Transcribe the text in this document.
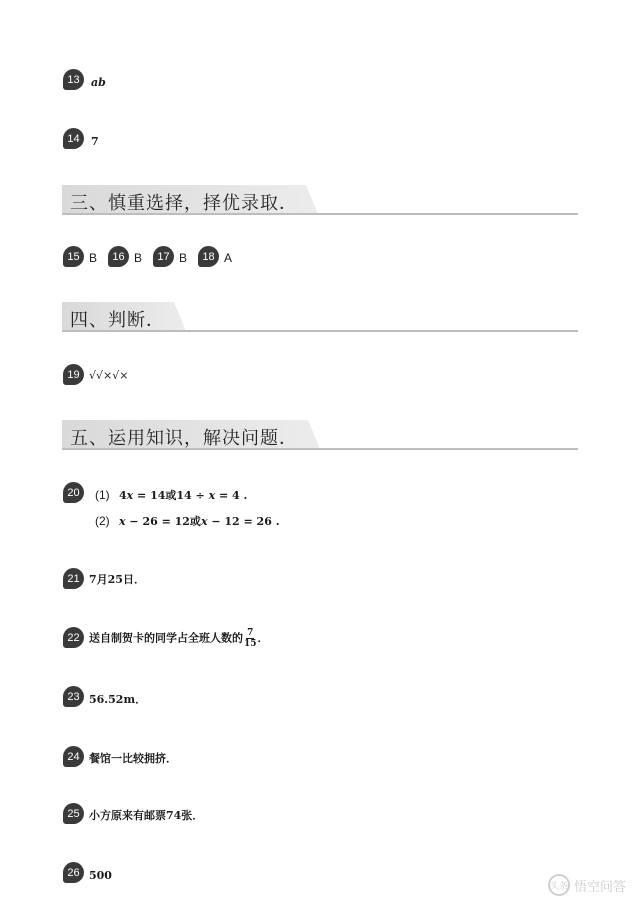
13	ab
14	7
三、慎重选择，择优录取．
15 B	16 B	17 B	18 A
四、判断．
19 √√×√×
五、运用知识，解决问题．
20	(1) 4x = 14或14 ÷ x = 4 .
(2) x − 26 = 12或x − 12 = 26 .
21 7月25日．
22 送自制贺卡的同学占全班人数的 $\frac{7}{15}$ ．
23 56.52m．
24 餐馆一比较拥挤．
25 小方原来有邮票74张．
26 500
头条 悟空问答
